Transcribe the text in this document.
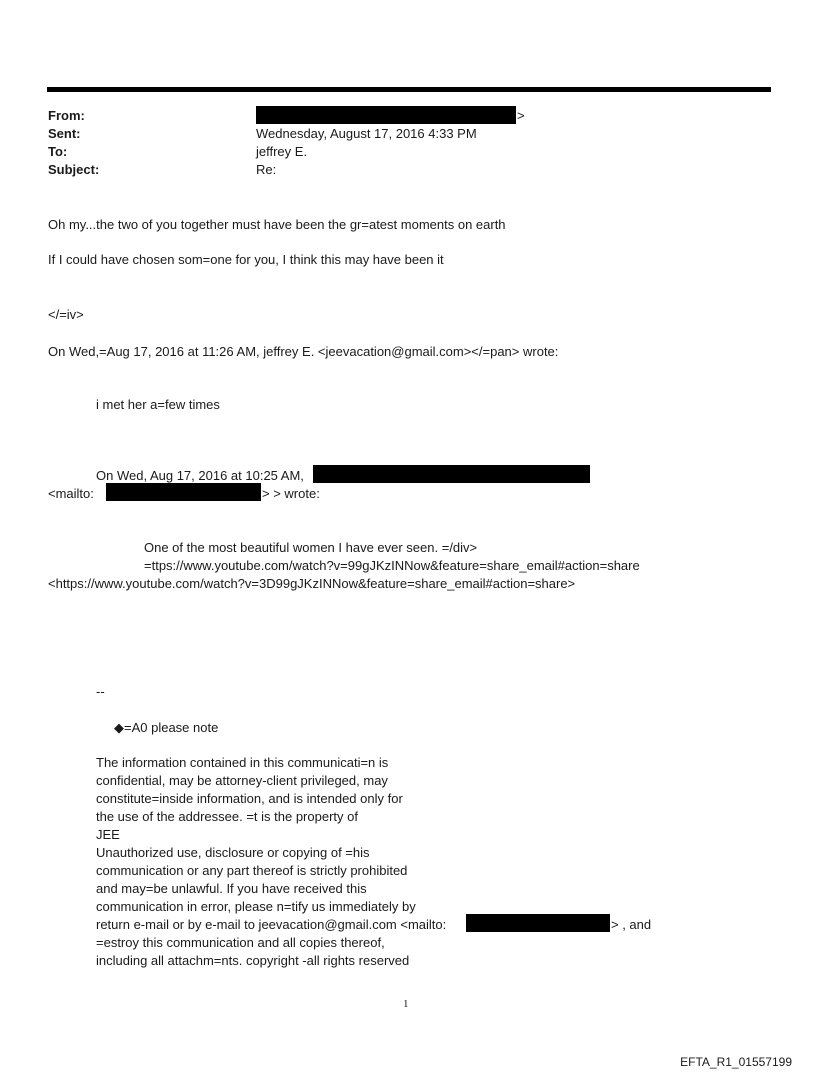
From:	>
Sent:	Wednesday, August 17, 2016 4:33 PM
To:	jeffrey E.
Subject:	Re:
Oh my...the two of you together must have been the gr=atest moments on earth
If I could have chosen som=one for you, I think this may have been it
</=iv>
On Wed,=Aug 17, 2016 at 11:26 AM, jeffrey E. <jeevacation@gmail.com></=pan> wrote:
i met her a=few times
On Wed, Aug 17, 2016 at 10:25 AM,
<mailto:	> > wrote:
One of the most beautiful women I have ever seen. =/div>
=ttps://www.youtube.com/watch?v=99gJKzINNow&feature=share_email#action=share
<https://www.youtube.com/watch?v=3D99gJKzINNow&feature=share_email#action=share>
--
◆=A0 please note
The information contained in this communicati=n is
confidential, may be attorney-client privileged, may
constitute=inside information, and is intended only for
the use of the addressee. =t is the property of
JEE
Unauthorized use, disclosure or copying of =his
communication or any part thereof is strictly prohibited
and may=be unlawful. If you have received this
communication in error, please n=tify us immediately by
return e-mail or by e-mail to jeevacation@gmail.com <mailto:	> , and
=estroy this communication and all copies thereof,
including all attachm=nts. copyright -all rights reserved
1
EFTA_R1_01557199
